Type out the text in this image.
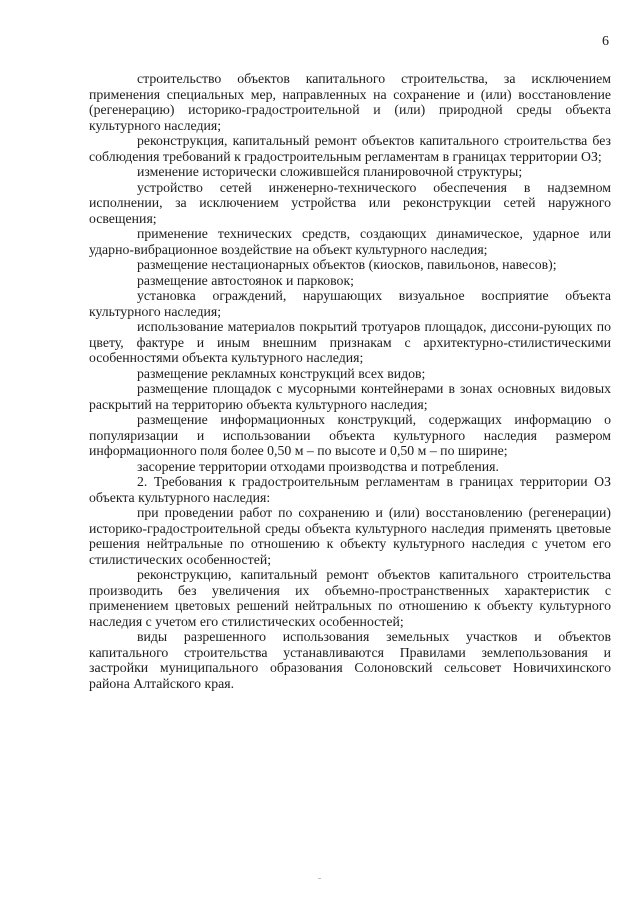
6

строительство объектов капитального строительства, за исключением применения специальных мер, направленных на сохранение и (или) восстановление (регенерацию) историко-градостроительной и (или) природной среды объекта культурного наследия;

реконструкция, капитальный ремонт объектов капитального строительства без соблюдения требований к градостроительным регламентам в границах территории ОЗ;

изменение исторически сложившейся планировочной структуры;

устройство сетей инженерно-технического обеспечения в надземном исполнении, за исключением устройства или реконструкции сетей наружного освещения;

применение технических средств, создающих динамическое, ударное или ударно-вибрационное воздействие на объект культурного наследия;

размещение нестационарных объектов (киосков, павильонов, навесов);

размещение автостоянок и парковок;

установка ограждений, нарушающих визуальное восприятие объекта культурного наследия;

использование материалов покрытий тротуаров площадок, диссони-рующих по цвету, фактуре и иным внешним признакам с архитектурно-стилистическими особенностями объекта культурного наследия;

размещение рекламных конструкций всех видов;

размещение площадок с мусорными контейнерами в зонах основных видовых раскрытий на территорию объекта культурного наследия;

размещение информационных конструкций, содержащих информацию о популяризации и использовании объекта культурного наследия размером информационного поля более 0,50 м – по высоте и 0,50 м – по ширине;

засорение территории отходами производства и потребления.

2. Требования к градостроительным регламентам в границах территории ОЗ объекта культурного наследия:

при проведении работ по сохранению и (или) восстановлению (регенерации) историко-градостроительной среды объекта культурного наследия применять цветовые решения нейтральные по отношению к объекту культурного наследия с учетом его стилистических особенностей;

реконструкцию, капитальный ремонт объектов капитального строительства производить без увеличения их объемно-пространственных характеристик с применением цветовых решений нейтральных по отношению к объекту культурного наследия с учетом его стилистических особенностей;

виды разрешенного использования земельных участков и объектов капитального строительства устанавливаются Правилами землепользования и застройки муниципального образования Солоновский сельсовет Новичихинского района Алтайского края.
